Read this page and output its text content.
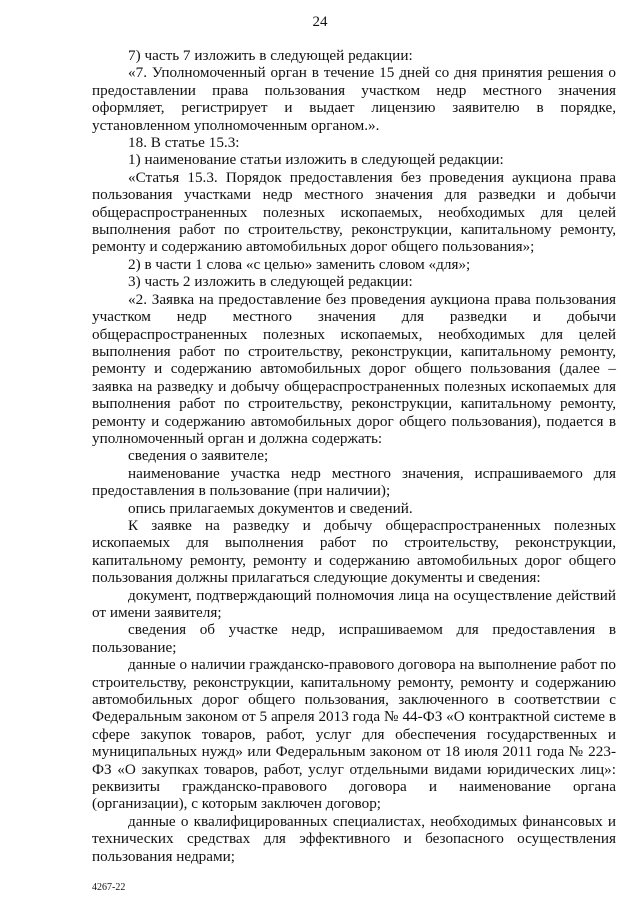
24

7) часть 7 изложить в следующей редакции:

«7. Уполномоченный орган в течение 15 дней со дня принятия решения о предоставлении права пользования участком недр местного значения оформляет, регистрирует и выдает лицензию заявителю в порядке, установленном уполномоченным органом.».

18. В статье 15.3:

1) наименование статьи изложить в следующей редакции:

«Статья 15.3. Порядок предоставления без проведения аукциона права пользования участками недр местного значения для разведки и добычи общераспространенных полезных ископаемых, необходимых для целей выполнения работ по строительству, реконструкции, капитальному ремонту, ремонту и содержанию автомобильных дорог общего пользования»;

2) в части 1 слова «с целью» заменить словом «для»;

3) часть 2 изложить в следующей редакции:

«2. Заявка на предоставление без проведения аукциона права пользования участком недр местного значения для разведки и добычи общераспространенных полезных ископаемых, необходимых для целей выполнения работ по строительству, реконструкции, капитальному ремонту, ремонту и содержанию автомобильных дорог общего пользования (далее – заявка на разведку и добычу общераспространенных полезных ископаемых для выполнения работ по строительству, реконструкции, капитальному ремонту, ремонту и содержанию автомобильных дорог общего пользования), подается в уполномоченный орган и должна содержать:

сведения о заявителе;

наименование участка недр местного значения, испрашиваемого для предоставления в пользование (при наличии);

опись прилагаемых документов и сведений.

К заявке на разведку и добычу общераспространенных полезных ископаемых для выполнения работ по строительству, реконструкции, капитальному ремонту, ремонту и содержанию автомобильных дорог общего пользования должны прилагаться следующие документы и сведения:

документ, подтверждающий полномочия лица на осуществление действий от имени заявителя;

сведения об участке недр, испрашиваемом для предоставления в пользование;

данные о наличии гражданско-правового договора на выполнение работ по строительству, реконструкции, капитальному ремонту, ремонту и содержанию автомобильных дорог общего пользования, заключенного в соответствии с Федеральным законом от 5 апреля 2013 года № 44-ФЗ «О контрактной системе в сфере закупок товаров, работ, услуг для обеспечения государственных и муниципальных нужд» или Федеральным законом от 18 июля 2011 года № 223-ФЗ «О закупках товаров, работ, услуг отдельными видами юридических лиц»: реквизиты гражданско-правового договора и наименование органа (организации), с которым заключен договор;

данные о квалифицированных специалистах, необходимых финансовых и технических средствах для эффективного и безопасного осуществления пользования недрами;

4267-22
